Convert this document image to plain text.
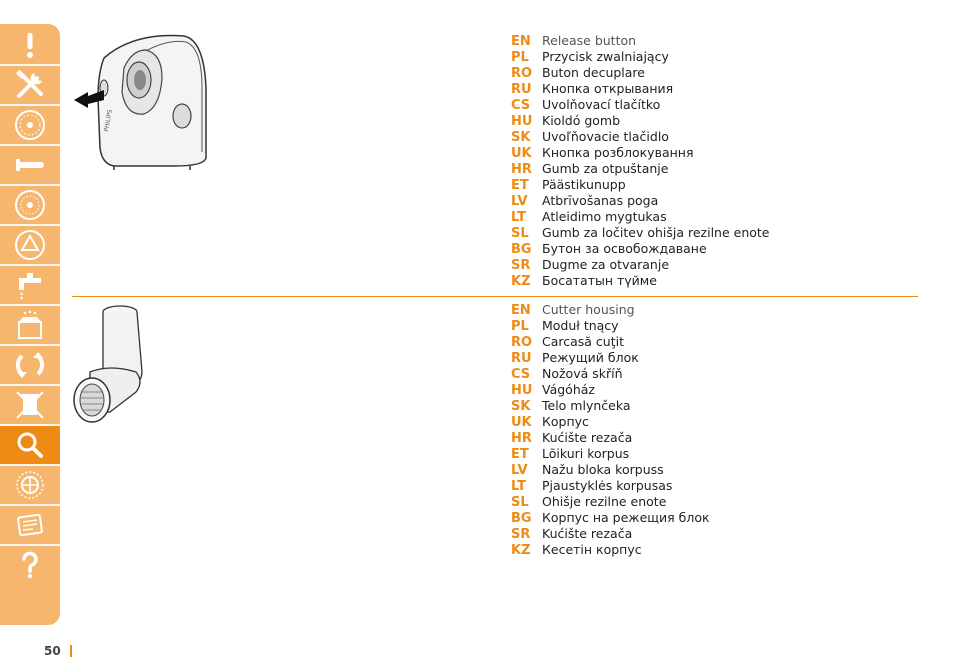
50
PHILIPS
EN Release button
PL Przycisk zwalniający
RO Buton decuplare
RU Кнопка открывания
CS Uvolňovací tlačítko
HU Kioldó gomb
SK Uvoľňovacie tlačidlo
UK Кнопка розблокування
HR Gumb za otpuštanje
ET Päästikunupp
LV Atbrīvošanas poga
LT Atleidimo mygtukas
SL Gumb za ločitev ohišja rezilne enote
BG Бутон за освобождаване
SR Dugme za otvaranje
KZ Босататын түйме
EN Cutter housing
PL Moduł tnący
RO Carcasă cuţit
RU Режущий блок
CS Nožová skříň
HU Vágóház
SK Telo mlynčeka
UK Корпус
HR Kućište rezača
ET Lõikuri korpus
LV Nažu bloka korpuss
LT Pjaustyklės korpusas
SL Ohišje rezilne enote
BG Корпус на режещия блок
SR Kućište rezača
KZ Кесетін корпус
